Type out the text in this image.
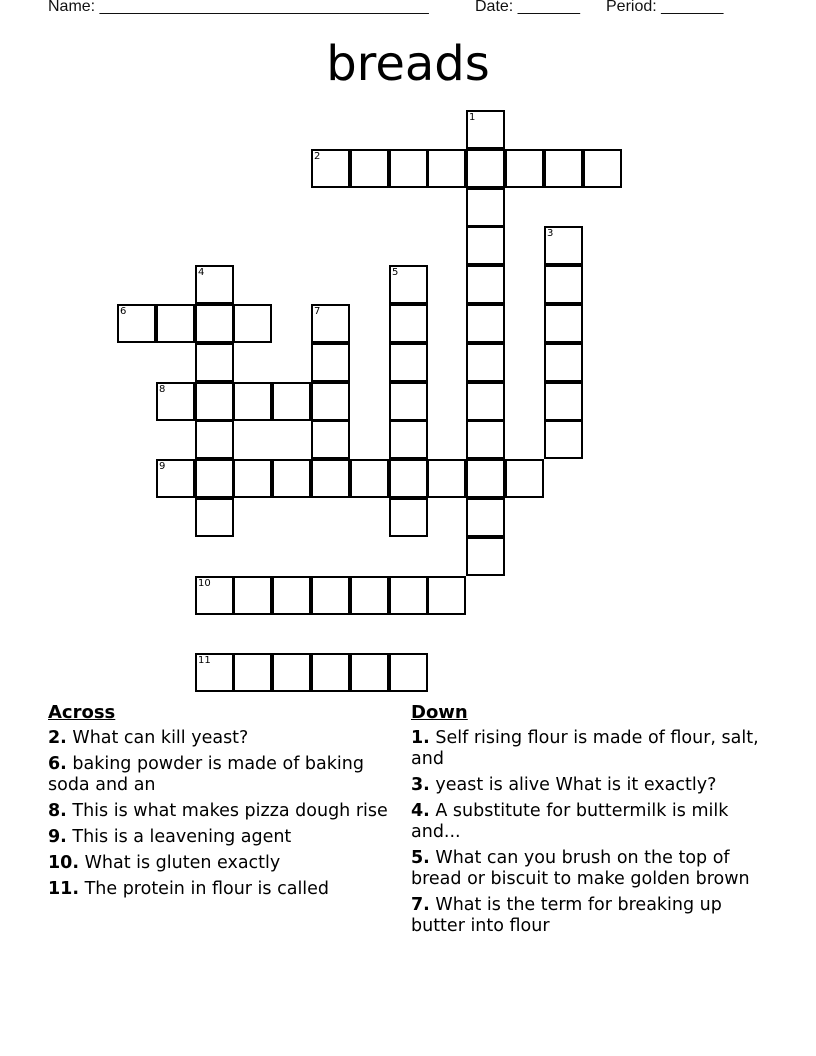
Name: _____________________________________	Date: _______ Period: _______
breads
1
2
3
4	5
6	7
8
9
10
11
Across
2. What can kill yeast?
6. baking powder is made of baking soda and an
8. This is what makes pizza dough rise
9. This is a leavening agent
10. What is gluten exactly
11. The protein in flour is called
Down
1. Self rising flour is made of flour, salt, and
3. yeast is alive What is it exactly?
4. A substitute for buttermilk is milk and...
5. What can you brush on the top of bread or biscuit to make golden brown
7. What is the term for breaking up butter into flour
